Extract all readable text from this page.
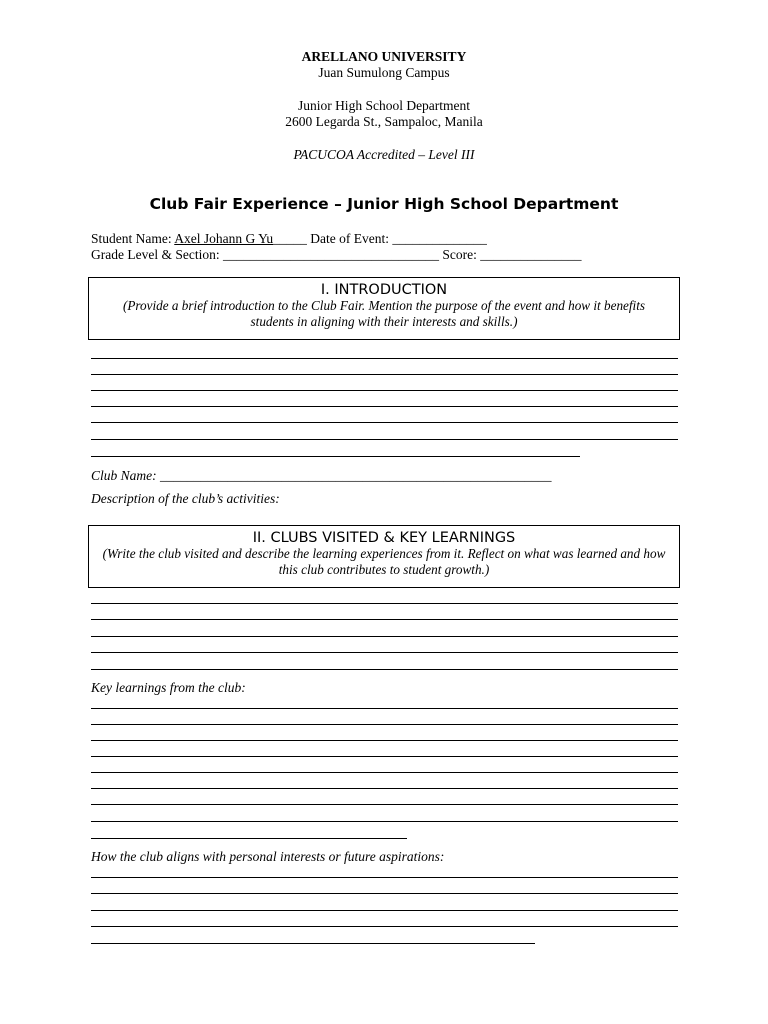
ARELLANO UNIVERSITY
Juan Sumulong Campus
Junior High School Department
2600 Legarda St., Sampaloc, Manila
PACUCOA Accredited – Level III
Club Fair Experience – Junior High School Department
Student Name: Axel Johann G Yu_____ Date of Event: ______________
Grade Level & Section: ________________________________ Score: _______________
I. INTRODUCTION
(Provide a brief introduction to the Club Fair. Mention the purpose of the event and how it benefits students in aligning with their interests and skills.)
Club Name: __________________________________________________________
Description of the club’s activities:
II. CLUBS VISITED & KEY LEARNINGS
(Write the club visited and describe the learning experiences from it. Reflect on what was learned and how this club contributes to student growth.)
Key learnings from the club:
How the club aligns with personal interests or future aspirations:
